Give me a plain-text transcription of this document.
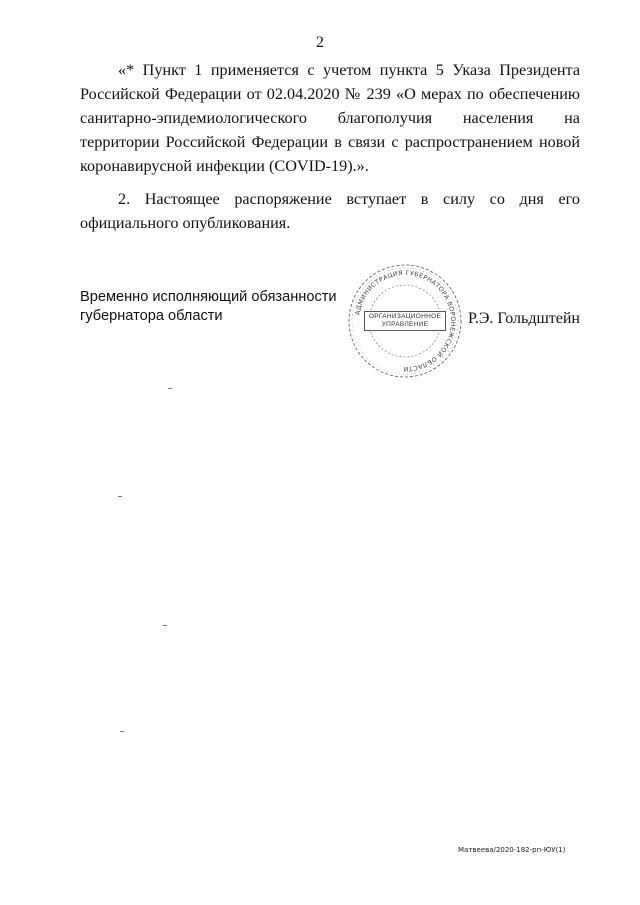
2

«* Пункт 1 применяется с учетом пункта 5 Указа Президента Российской Федерации от 02.04.2020 № 239 «О мерах по обеспечению санитарно-эпидемиологического благополучия населения на территории Российской Федерации в связи с распространением новой коронавирусной инфекции (COVID-19).».

2. Настоящее распоряжение вступает в силу со дня его официального опубликования.

Временно исполняющий обязанности
губернатора области	АДМИНИСТРАЦИЯ ГУБЕРНАТОРА ВОРОНЕЖСКОЙ ОБЛАСТИ
ОРГАНИЗАЦИОННОЕ
УПРАВЛЕНИЕ	Р.Э. Гольдштейн
Матвеева/2020-182-рп-ЮУ(1)
